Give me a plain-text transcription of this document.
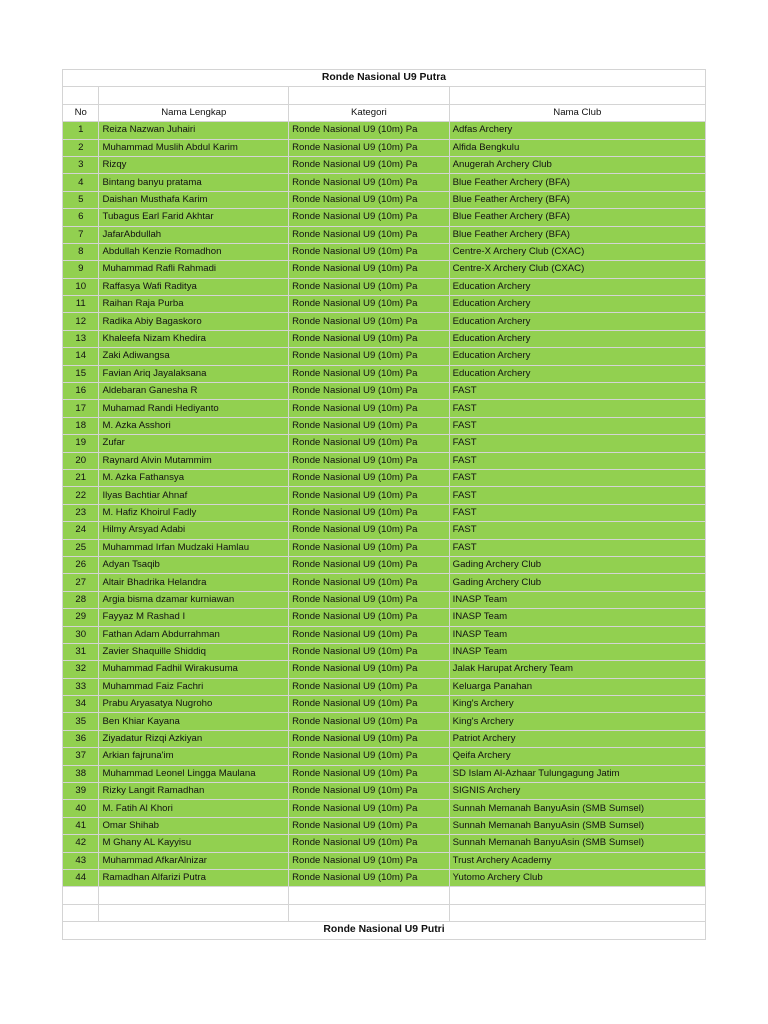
Ronde Nasional U9 Putra			

No	Nama Lengkap	Kategori	Nama Club
1	Reiza Nazwan Juhairi	Ronde Nasional U9 (10m) Pa	Adfas Archery
2	Muhammad Muslih Abdul Karim	Ronde Nasional U9 (10m) Pa	Alfida Bengkulu
3	Rizqy	Ronde Nasional U9 (10m) Pa	Anugerah Archery Club
4	Bintang banyu pratama	Ronde Nasional U9 (10m) Pa	Blue Feather Archery (BFA)
5	Daishan Musthafa Karim	Ronde Nasional U9 (10m) Pa	Blue Feather Archery (BFA)
6	Tubagus Earl Farid Akhtar	Ronde Nasional U9 (10m) Pa	Blue Feather Archery (BFA)
7	JafarAbdullah	Ronde Nasional U9 (10m) Pa	Blue Feather Archery (BFA)
8	Abdullah Kenzie Romadhon	Ronde Nasional U9 (10m) Pa	Centre-X Archery Club (CXAC)
9	Muhammad Rafli Rahmadi	Ronde Nasional U9 (10m) Pa	Centre-X Archery Club (CXAC)
10	Raffasya Wafi Raditya	Ronde Nasional U9 (10m) Pa	Education Archery
11	Raihan Raja Purba	Ronde Nasional U9 (10m) Pa	Education Archery
12	Radika Abiy Bagaskoro	Ronde Nasional U9 (10m) Pa	Education Archery
13	Khaleefa Nizam Khedira	Ronde Nasional U9 (10m) Pa	Education Archery
14	Zaki Adiwangsa	Ronde Nasional U9 (10m) Pa	Education Archery
15	Favian Ariq Jayalaksana	Ronde Nasional U9 (10m) Pa	Education Archery
16	Aldebaran Ganesha R	Ronde Nasional U9 (10m) Pa	FAST
17	Muhamad Randi Hediyanto	Ronde Nasional U9 (10m) Pa	FAST
18	M. Azka Asshori	Ronde Nasional U9 (10m) Pa	FAST
19	Zufar	Ronde Nasional U9 (10m) Pa	FAST
20	Raynard Alvin Mutammim	Ronde Nasional U9 (10m) Pa	FAST
21	M. Azka Fathansya	Ronde Nasional U9 (10m) Pa	FAST
22	Ilyas Bachtiar Ahnaf	Ronde Nasional U9 (10m) Pa	FAST
23	M. Hafiz Khoirul Fadly	Ronde Nasional U9 (10m) Pa	FAST
24	Hilmy Arsyad Adabi	Ronde Nasional U9 (10m) Pa	FAST
25	Muhammad Irfan Mudzaki Hamlau	Ronde Nasional U9 (10m) Pa	FAST
26	Adyan Tsaqib	Ronde Nasional U9 (10m) Pa	Gading Archery Club
27	Altair Bhadrika Helandra	Ronde Nasional U9 (10m) Pa	Gading Archery Club
28	Argia bisma dzamar kurniawan	Ronde Nasional U9 (10m) Pa	INASP Team
29	Fayyaz M Rashad I	Ronde Nasional U9 (10m) Pa	INASP Team
30	Fathan Adam Abdurrahman	Ronde Nasional U9 (10m) Pa	INASP Team
31	Zavier Shaquille Shiddiq	Ronde Nasional U9 (10m) Pa	INASP Team
32	Muhammad Fadhil Wirakusuma	Ronde Nasional U9 (10m) Pa	Jalak Harupat Archery Team
33	Muhammad Faiz Fachri	Ronde Nasional U9 (10m) Pa	Keluarga Panahan
34	Prabu Aryasatya Nugroho	Ronde Nasional U9 (10m) Pa	King's Archery
35	Ben Khiar Kayana	Ronde Nasional U9 (10m) Pa	King's Archery
36	Ziyadatur Rizqi Azkiyan	Ronde Nasional U9 (10m) Pa	Patriot Archery
37	Arkian fajruna'im	Ronde Nasional U9 (10m) Pa	Qeifa Archery
38	Muhammad Leonel Lingga Maulana	Ronde Nasional U9 (10m) Pa	SD Islam Al-Azhaar Tulungagung Jatim
39	Rizky Langit Ramadhan	Ronde Nasional U9 (10m) Pa	SIGNIS Archery
40	M. Fatih Al Khori	Ronde Nasional U9 (10m) Pa	Sunnah Memanah BanyuAsin (SMB Sumsel)
41	Omar Shihab	Ronde Nasional U9 (10m) Pa	Sunnah Memanah BanyuAsin (SMB Sumsel)
42	M Ghany AL Kayyisu	Ronde Nasional U9 (10m) Pa	Sunnah Memanah BanyuAsin (SMB Sumsel)
43	Muhammad AfkarAlnizar	Ronde Nasional U9 (10m) Pa	Trust Archery Academy
44	Ramadhan Alfarizi Putra	Ronde Nasional U9 (10m) Pa	Yutomo Archery Club

Ronde Nasional U9 Putri			
